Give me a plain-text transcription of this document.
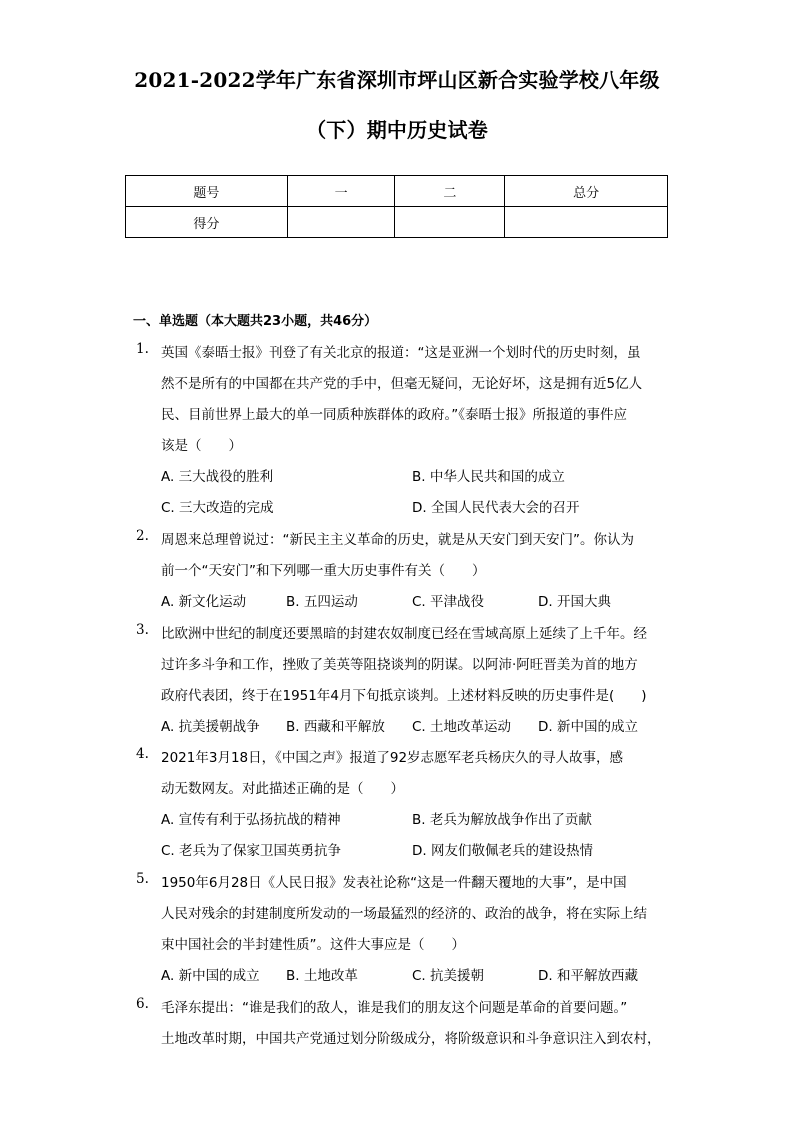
2021-2022学年广东省深圳市坪山区新合实验学校八年级
（下）期中历史试卷
题号	一	二	总分
得分			
一、单选题（本大题共23小题，共46分）
1. 英国《泰晤士报》刊登了有关北京的报道：“这是亚洲一个划时代的历史时刻，虽
然不是所有的中国都在共产党的手中，但毫无疑问，无论好坏，这是拥有近5亿人
民、目前世界上最大的单一同质种族群体的政府。”《泰晤士报》所报道的事件应
该是（　　）
A. 三大战役的胜利	B. 中华人民共和国的成立
C. 三大改造的完成	D. 全国人民代表大会的召开
2. 周恩来总理曾说过：“新民主主义革命的历史，就是从天安门到天安门”。你认为
前一个“天安门”和下列哪一重大历史事件有关（　　）
A. 新文化运动	B. 五四运动	C. 平津战役	D. 开国大典
3. 比欧洲中世纪的制度还要黑暗的封建农奴制度已经在雪域高原上延续了上千年。经
过许多斗争和工作，挫败了美英等阻挠谈判的阴谋。以阿沛·阿旺晋美为首的地方
政府代表团，终于在1951年4月下旬抵京谈判。上述材料反映的历史事件是(　　)
A. 抗美援朝战争 B. 西藏和平解放 C. 土地改革运动 D. 新中国的成立
4. 2021年3月18日，《中国之声》报道了92岁志愿军老兵杨庆久的寻人故事，感
动无数网友。对此描述正确的是（　　）
A. 宣传有利于弘扬抗战的精神	B. 老兵为解放战争作出了贡献
C. 老兵为了保家卫国英勇抗争	D. 网友们敬佩老兵的建设热情
5. 1950年6月28日《人民日报》发表社论称“这是一件翻天覆地的大事”，是中国
人民对残余的封建制度所发动的一场最猛烈的经济的、政治的战争，将在实际上结
束中国社会的半封建性质”。这件大事应是（　　）
A. 新中国的成立 B. 土地改革	C. 抗美援朝	D. 和平解放西藏
6. 毛泽东提出：“谁是我们的敌人，谁是我们的朋友这个问题是革命的首要问题。”
土地改革时期，中国共产党通过划分阶级成分，将阶级意识和斗争意识注入到农村，
